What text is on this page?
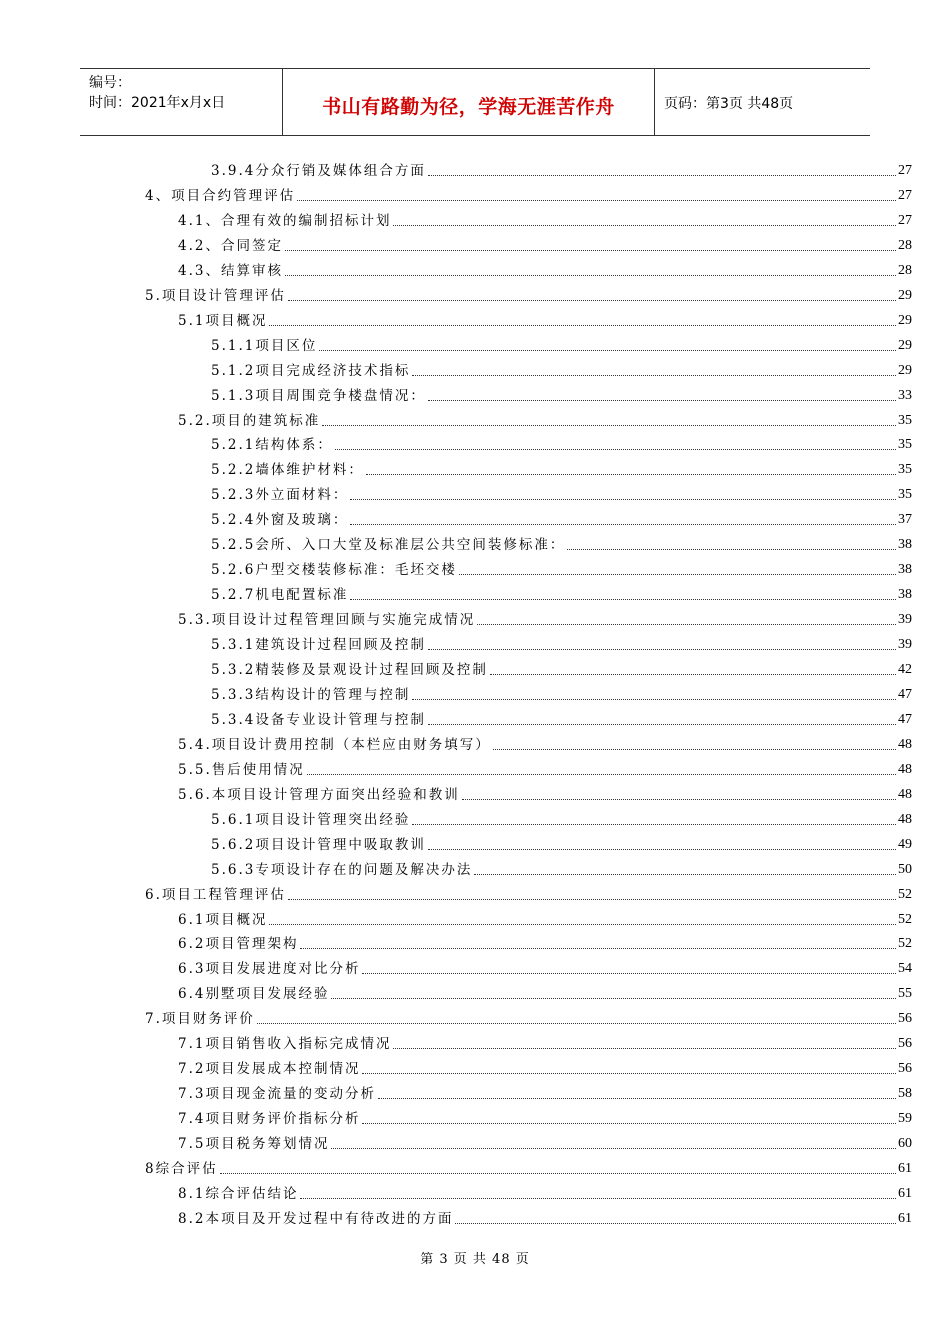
编号：
时间：2021年x月x日	书山有路勤为径，学海无涯苦作舟	页码：第3页 共48页
3.9.4分众行销及媒体组合方面	27
4、项目合约管理评估	27
4.1、合理有效的编制招标计划	27
4.2、合同签定	28
4.3、结算审核	28
5.项目设计管理评估	29
5.1项目概况	29
5.1.1项目区位	29
5.1.2项目完成经济技术指标	29
5.1.3项目周围竞争楼盘情况：	33
5.2.项目的建筑标准	35
5.2.1结构体系：	35
5.2.2墙体维护材料：	35
5.2.3外立面材料：	35
5.2.4外窗及玻璃：	37
5.2.5会所、入口大堂及标准层公共空间装修标准：	38
5.2.6户型交楼装修标准：毛坯交楼	38
5.2.7机电配置标准	38
5.3.项目设计过程管理回顾与实施完成情况	39
5.3.1建筑设计过程回顾及控制	39
5.3.2精装修及景观设计过程回顾及控制	42
5.3.3结构设计的管理与控制	47
5.3.4设备专业设计管理与控制	47
5.4.项目设计费用控制（本栏应由财务填写）	48
5.5.售后使用情况	48
5.6.本项目设计管理方面突出经验和教训	48
5.6.1项目设计管理突出经验	48
5.6.2项目设计管理中吸取教训	49
5.6.3专项设计存在的问题及解决办法	50
6.项目工程管理评估	52
6.1项目概况	52
6.2项目管理架构	52
6.3项目发展进度对比分析	54
6.4别墅项目发展经验	55
7.项目财务评价	56
7.1项目销售收入指标完成情况	56
7.2项目发展成本控制情况	56
7.3项目现金流量的变动分析	58
7.4项目财务评价指标分析	59
7.5项目税务筹划情况	60
8综合评估	61
8.1综合评估结论	61
8.2本项目及开发过程中有待改进的方面	61
第 3 页 共 48 页
